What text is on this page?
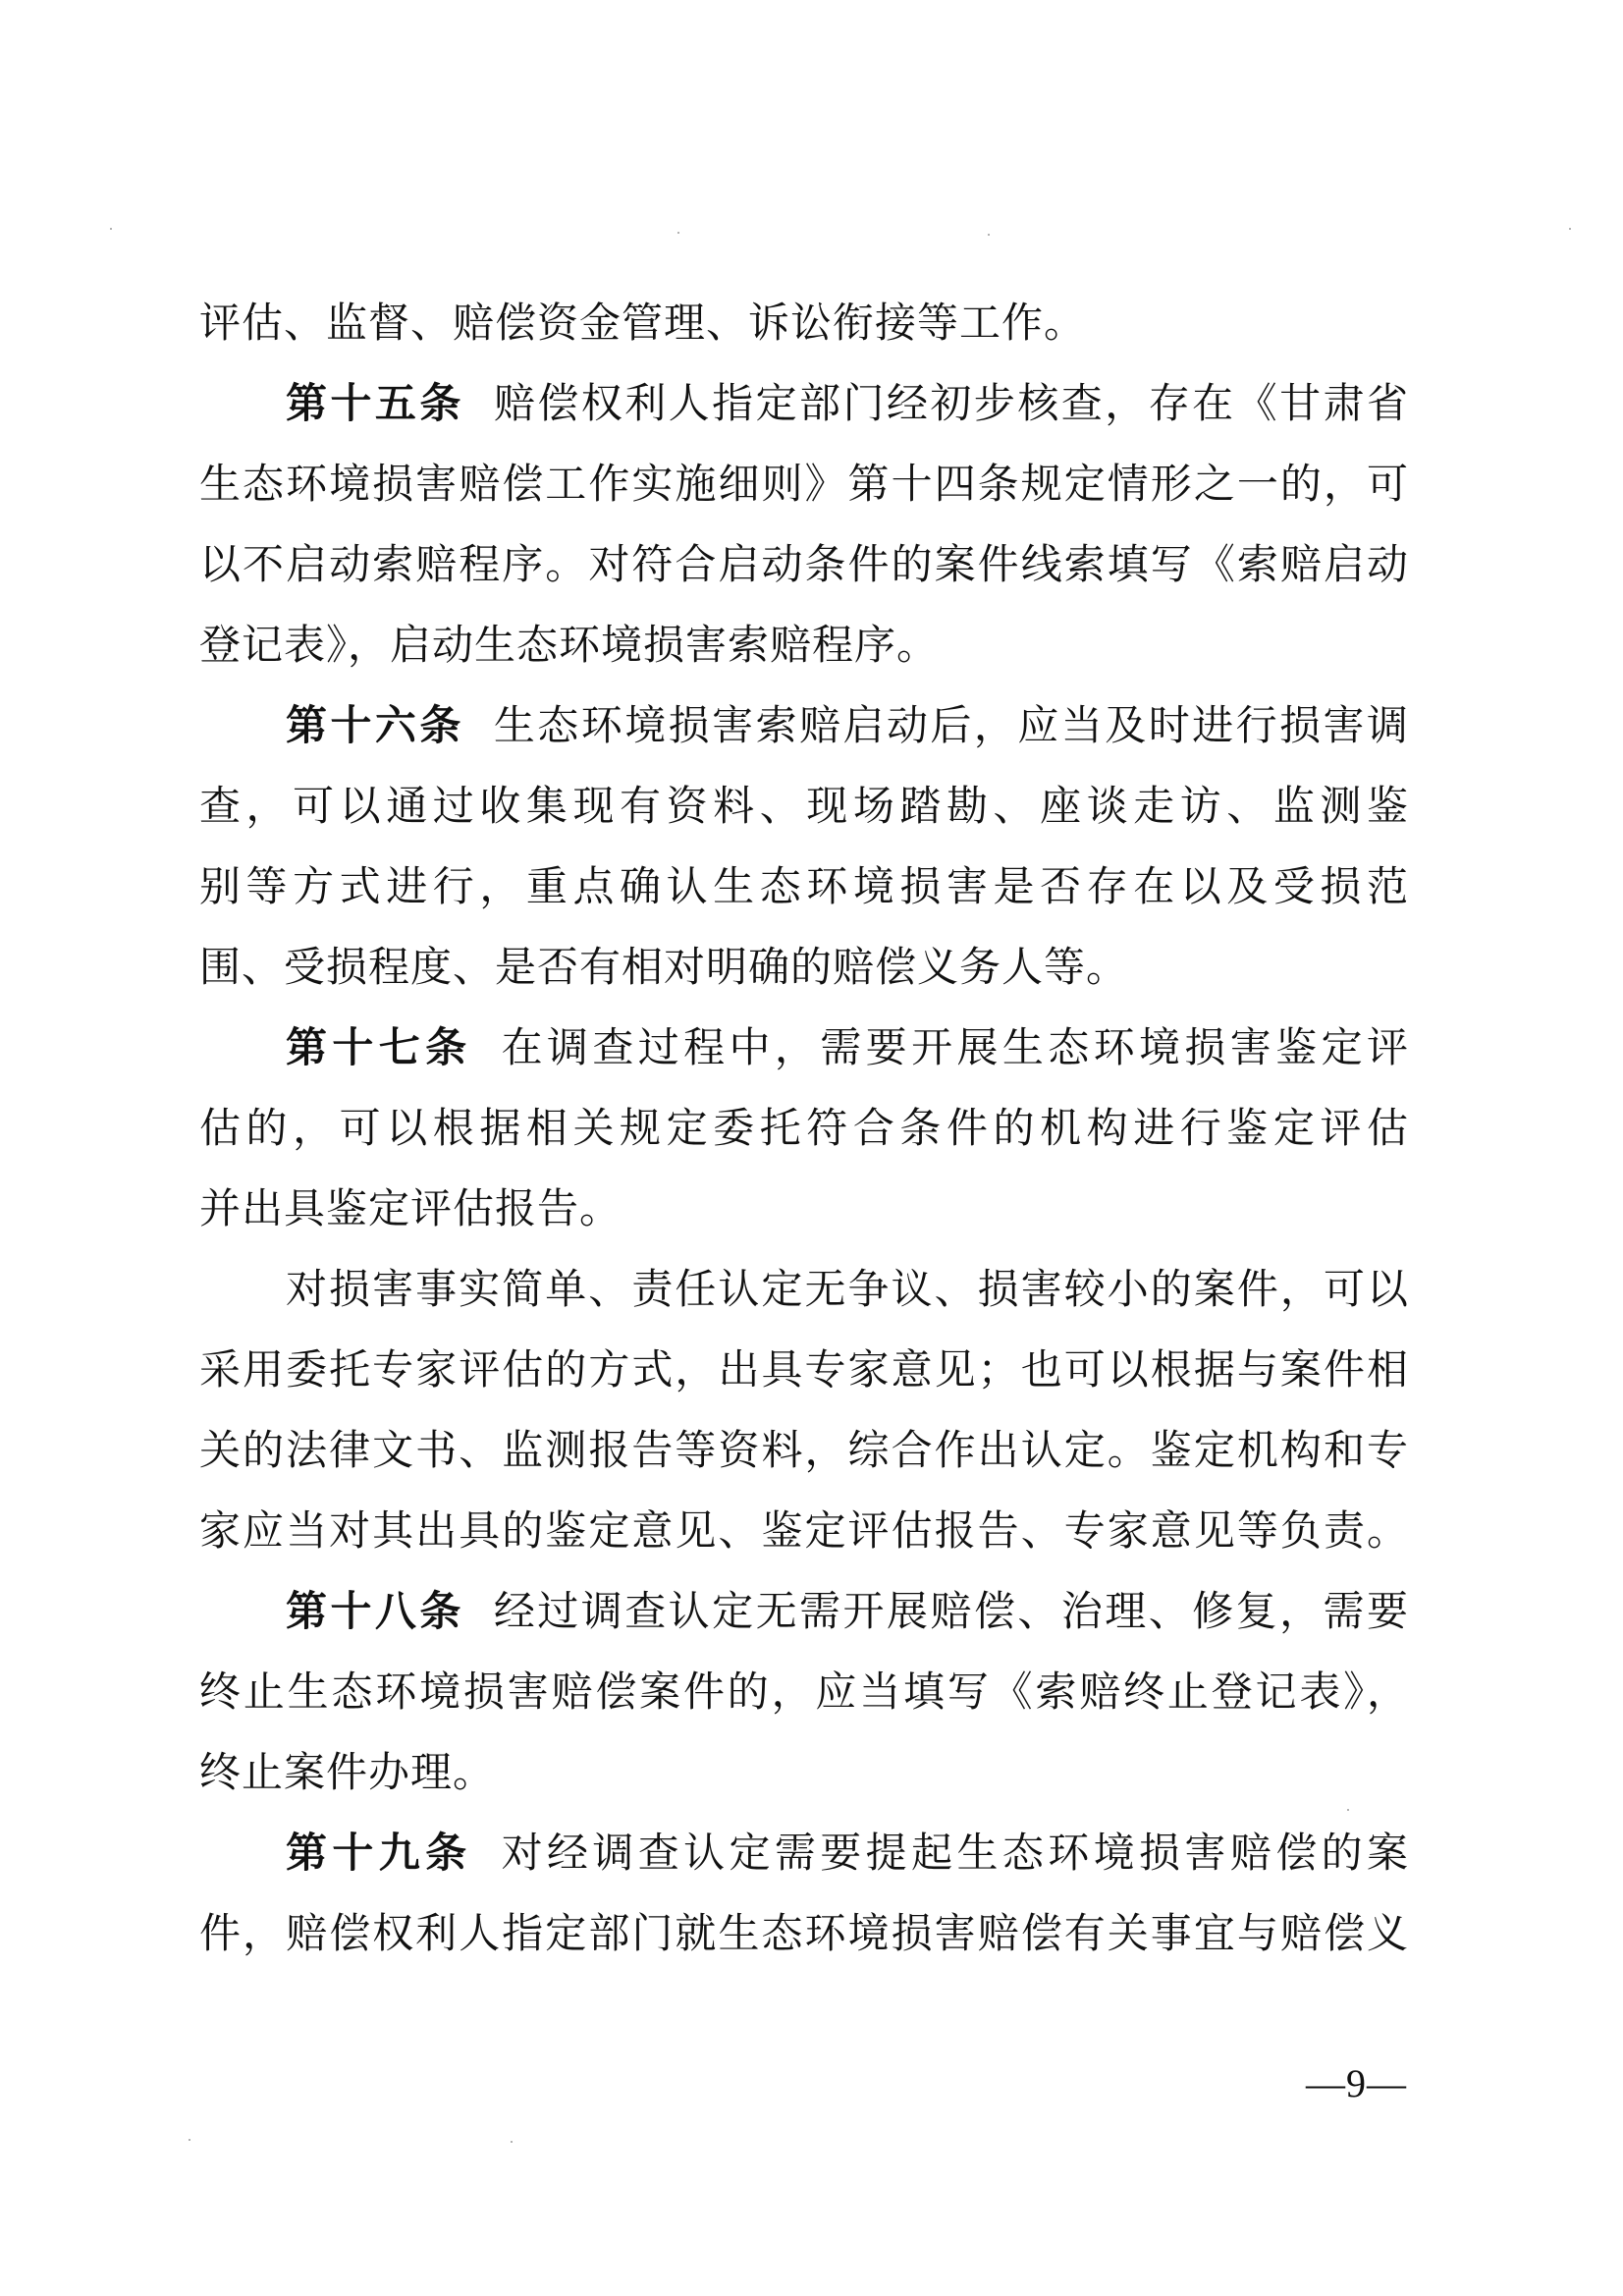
评估、监督、赔偿资金管理、诉讼衔接等工作。
第十五条 赔偿权利人指定部门经初步核查，存在《甘肃省
生态环境损害赔偿工作实施细则》第十四条规定情形之一的，可
以不启动索赔程序。对符合启动条件的案件线索填写《索赔启动
登记表》，启动生态环境损害索赔程序。
第十六条 生态环境损害索赔启动后，应当及时进行损害调
查，可以通过收集现有资料、现场踏勘、座谈走访、监测鉴
别等方式进行，重点确认生态环境损害是否存在以及受损范
围、受损程度、是否有相对明确的赔偿义务人等。
第十七条 在调查过程中，需要开展生态环境损害鉴定评
估的，可以根据相关规定委托符合条件的机构进行鉴定评估
并出具鉴定评估报告。
对损害事实简单、责任认定无争议、损害较小的案件，可以
采用委托专家评估的方式，出具专家意见；也可以根据与案件相
关的法律文书、监测报告等资料，综合作出认定。鉴定机构和专
家应当对其出具的鉴定意见、鉴定评估报告、专家意见等负责。
第十八条 经过调查认定无需开展赔偿、治理、修复，需要
终止生态环境损害赔偿案件的，应当填写《索赔终止登记表》，
终止案件办理。
第十九条 对经调查认定需要提起生态环境损害赔偿的案
件，赔偿权利人指定部门就生态环境损害赔偿有关事宜与赔偿义
—9—
